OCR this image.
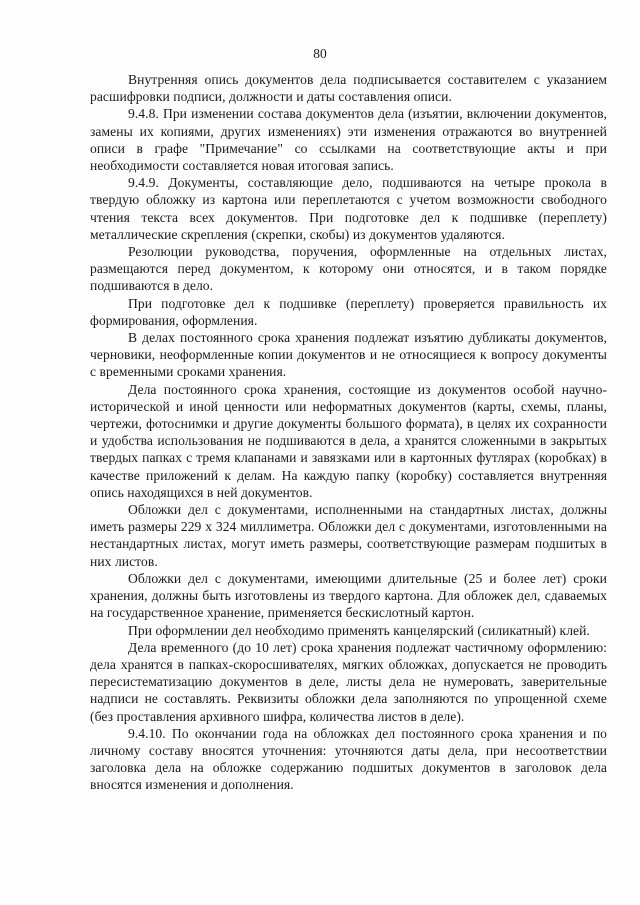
80

Внутренняя опись документов дела подписывается составителем с указанием расшифровки подписи, должности и даты составления описи.

9.4.8. При изменении состава документов дела (изъятии, включении документов, замены их копиями, других изменениях) эти изменения отражаются во внутренней описи в графе "Примечание" со ссылками на соответствующие акты и при необходимости составляется новая итоговая запись.

9.4.9. Документы, составляющие дело, подшиваются на четыре прокола в твердую обложку из картона или переплетаются с учетом возможности свободного чтения текста всех документов. При подготовке дел к подшивке (переплету) металлические скрепления (скрепки, скобы) из документов удаляются.

Резолюции руководства, поручения, оформленные на отдельных листах, размещаются перед документом, к которому они относятся, и в таком порядке подшиваются в дело.

При подготовке дел к подшивке (переплету) проверяется правильность их формирования, оформления.

В делах постоянного срока хранения подлежат изъятию дубликаты документов, черновики, неоформленные копии документов и не относящиеся к вопросу документы с временными сроками хранения.

Дела постоянного срока хранения, состоящие из документов особой научно-исторической и иной ценности или неформатных документов (карты, схемы, планы, чертежи, фотоснимки и другие документы большого формата), в целях их сохранности и удобства использования не подшиваются в дела, а хранятся сложенными в закрытых твердых папках с тремя клапанами и завязками или в картонных футлярах (коробках) в качестве приложений к делам. На каждую папку (коробку) составляется внутренняя опись находящихся в ней документов.

Обложки дел с документами, исполненными на стандартных листах, должны иметь размеры 229 х 324 миллиметра. Обложки дел с документами, изготовленными на нестандартных листах, могут иметь размеры, соответствующие размерам подшитых в них листов.

Обложки дел с документами, имеющими длительные (25 и более лет) сроки хранения, должны быть изготовлены из твердого картона. Для обложек дел, сдаваемых на государственное хранение, применяется бескислотный картон.

При оформлении дел необходимо применять канцелярский (силикатный) клей.

Дела временного (до 10 лет) срока хранения подлежат частичному оформлению: дела хранятся в папках-скоросшивателях, мягких обложках, допускается не проводить пересистематизацию документов в деле, листы дела не нумеровать, заверительные надписи не составлять. Реквизиты обложки дела заполняются по упрощенной схеме (без проставления архивного шифра, количества листов в деле).

9.4.10. По окончании года на обложках дел постоянного срока хранения и по личному составу вносятся уточнения: уточняются даты дела, при несоответствии заголовка дела на обложке содержанию подшитых документов в заголовок дела вносятся изменения и дополнения.
